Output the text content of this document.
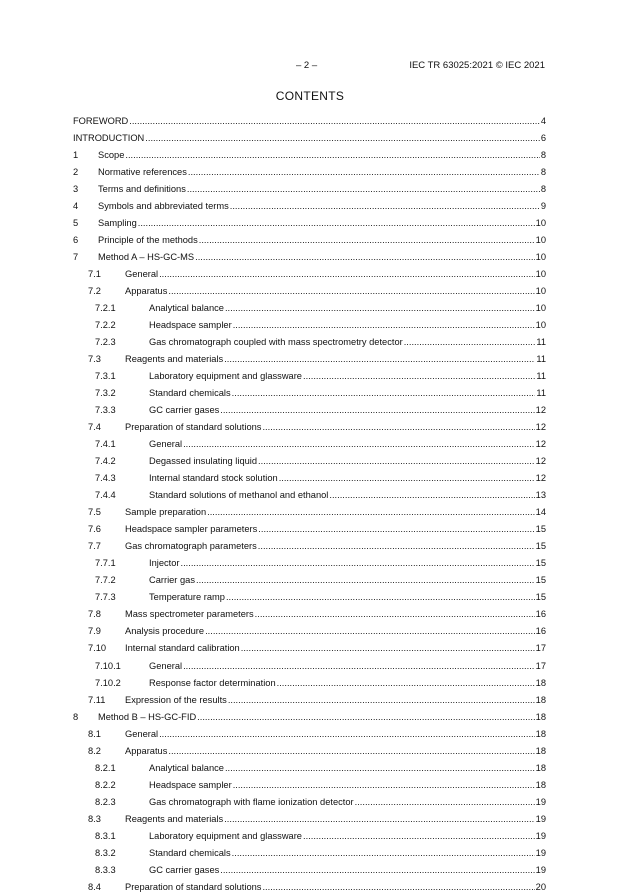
– 2 –	IEC TR 63025:2021 © IEC 2021
CONTENTS
FOREWORD .....	4
INTRODUCTION .....	6
1 Scope .....	8
2 Normative references .....	8
3 Terms and definitions .....	8
4 Symbols and abbreviated terms .....	9
5 Sampling .....	10
6 Principle of the methods .....	10
7 Method A – HS-GC-MS .....	10
7.1	General .....	10
7.2	Apparatus .....	10
7.2.1	Analytical balance .....	10
7.2.2	Headspace sampler .....	10
7.2.3	Gas chromatograph coupled with mass spectrometry detector .....	11
7.3	Reagents and materials .....	11
7.3.1	Laboratory equipment and glassware .....	11
7.3.2	Standard chemicals .....	11
7.3.3	GC carrier gases .....	12
7.4	Preparation of standard solutions .....	12
7.4.1	General .....	12
7.4.2	Degassed insulating liquid .....	12
7.4.3	Internal standard stock solution .....	12
7.4.4	Standard solutions of methanol and ethanol .....	13
7.5	Sample preparation .....	14
7.6	Headspace sampler parameters .....	15
7.7	Gas chromatograph parameters .....	15
7.7.1	Injector .....	15
7.7.2	Carrier gas .....	15
7.7.3	Temperature ramp .....	15
7.8	Mass spectrometer parameters .....	16
7.9	Analysis procedure .....	16
7.10 Internal standard calibration .....	17
7.10.1	General .....	17
7.10.2	Response factor determination .....	18
7.11 Expression of the results .....	18
8 Method B – HS-GC-FID .....	18
8.1	General .....	18
8.2	Apparatus .....	18
8.2.1	Analytical balance .....	18
8.2.2	Headspace sampler .....	18
8.2.3	Gas chromatograph with flame ionization detector .....	19
8.3	Reagents and materials .....	19
8.3.1	Laboratory equipment and glassware .....	19
8.3.2	Standard chemicals .....	19
8.3.3	GC carrier gases .....	19
8.4	Preparation of standard solutions .....	20
